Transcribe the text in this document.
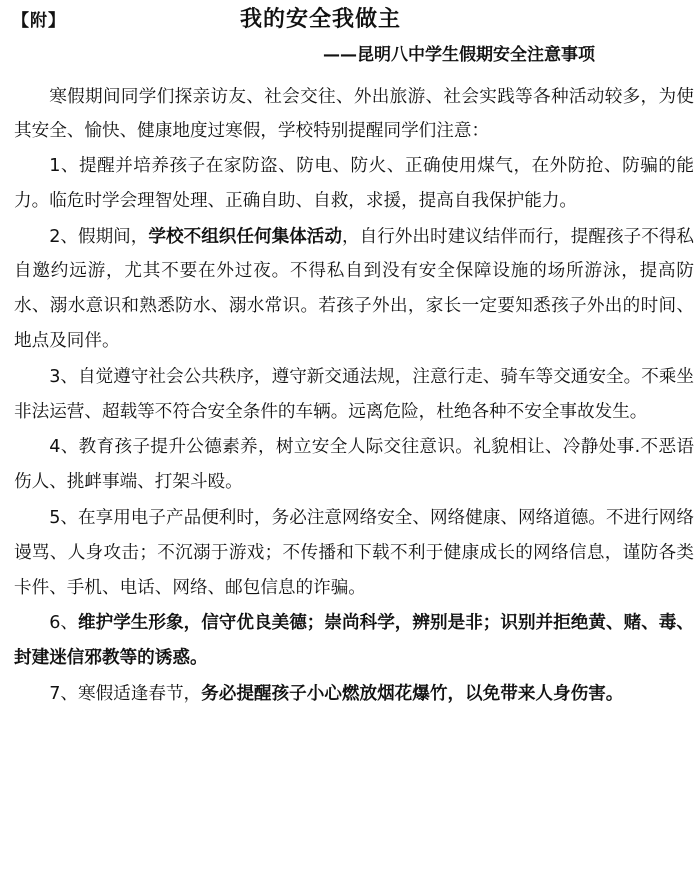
【附】	我的安全我做主
——昆明八中学生假期安全注意事项

寒假期间同学们探亲访友、社会交往、外出旅游、社会实践等各种活动较多，为使其安全、愉快、健康地度过寒假，学校特别提醒同学们注意：

1、提醒并培养孩子在家防盗、防电、防火、正确使用煤气，在外防抢、防骗的能力。临危时学会理智处理、正确自助、自救，求援，提高自我保护能力。

2、假期间，学校不组织任何集体活动，自行外出时建议结伴而行，提醒孩子不得私自邀约远游，尤其不要在外过夜。不得私自到没有安全保障设施的场所游泳，提高防水、溺水意识和熟悉防水、溺水常识。若孩子外出，家长一定要知悉孩子外出的时间、地点及同伴。

3、自觉遵守社会公共秩序，遵守新交通法规，注意行走、骑车等交通安全。不乘坐非法运营、超载等不符合安全条件的车辆。远离危险，杜绝各种不安全事故发生。

4、教育孩子提升公德素养，树立安全人际交往意识。礼貌相让、冷静处事.不恶语伤人、挑衅事端、打架斗殴。

5、在享用电子产品便利时，务必注意网络安全、网络健康、网络道德。不进行网络谩骂、人身攻击；不沉溺于游戏；不传播和下载不利于健康成长的网络信息，谨防各类卡件、手机、电话、网络、邮包信息的诈骗。

6、维护学生形象，信守优良美德；崇尚科学，辨别是非；识别并拒绝黄、赌、毒、封建迷信邪教等的诱惑。

7、寒假适逢春节，务必提醒孩子小心燃放烟花爆竹，以免带来人身伤害。
